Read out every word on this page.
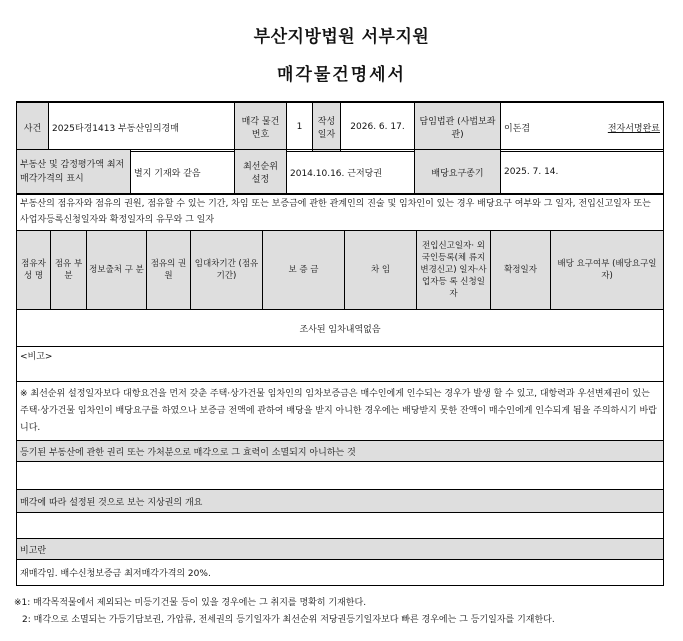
부산지방법원 서부지원
매각물건명세서
사건	2025타경1413 부동산임의경매	매각 물건번호	1	작성 일자	2026. 6. 17.	담임법관 (사법보좌관)	이돈겸	전자서명완료
부동산 및 감정평가액 최저매각가격의 표시	별지 기재와 같음	최선순위 설정	2014.10.16. 근저당권	배당요구종기	2025. 7. 14.
부동산의 점유자와 점유의 권원, 점유할 수 있는 기간, 차임 또는 보증금에 관한 관계인의 진술 및 임차인이 있는 경우 배당요구 여부와 그 일자, 전입신고일자 또는 사업자등록신청일자와 확정일자의 유무와 그 일자
점유자 성 명	점유 부분	정보출처 구 분	점유의 권 원	임대차기간 (점유기간)	보 증 금	차 임	전입신고일자· 외국인등록(체 류지변경신고) 일자·사업자등 록 신청일자	확정일자	배당 요구여부 (배당요구일자)
조사된 임차내역없음
<비고>
※ 최선순위 설정일자보다 대항요건을 먼저 갖춘 주택·상가건물 임차인의 임차보증금은 매수인에게 인수되는 경우가 발생 할 수 있고, 대항력과 우선변제권이 있는 주택·상가건물 임차인이 배당요구를 하였으나 보증금 전액에 관하여 배당을 받지 아니한 경우에는 배당받지 못한 잔액이 매수인에게 인수되게 됨을 주의하시기 바랍니다.
등기된 부동산에 관한 권리 또는 가처분으로 매각으로 그 효력이 소멸되지 아니하는 것

매각에 따라 설정된 것으로 보는 지상권의 개요

비고란
재매각임. 배수신청보증금 최저매각가격의 20%.
※1: 매각목적물에서 제외되는 미등기건물 등이 있을 경우에는 그 취지를 명확히 기재한다.
2: 매각으로 소멸되는 가등기담보권, 가압류, 전세권의 등기일자가 최선순위 저당권등기일자보다 빠른 경우에는 그 등기일자를 기재한다.
